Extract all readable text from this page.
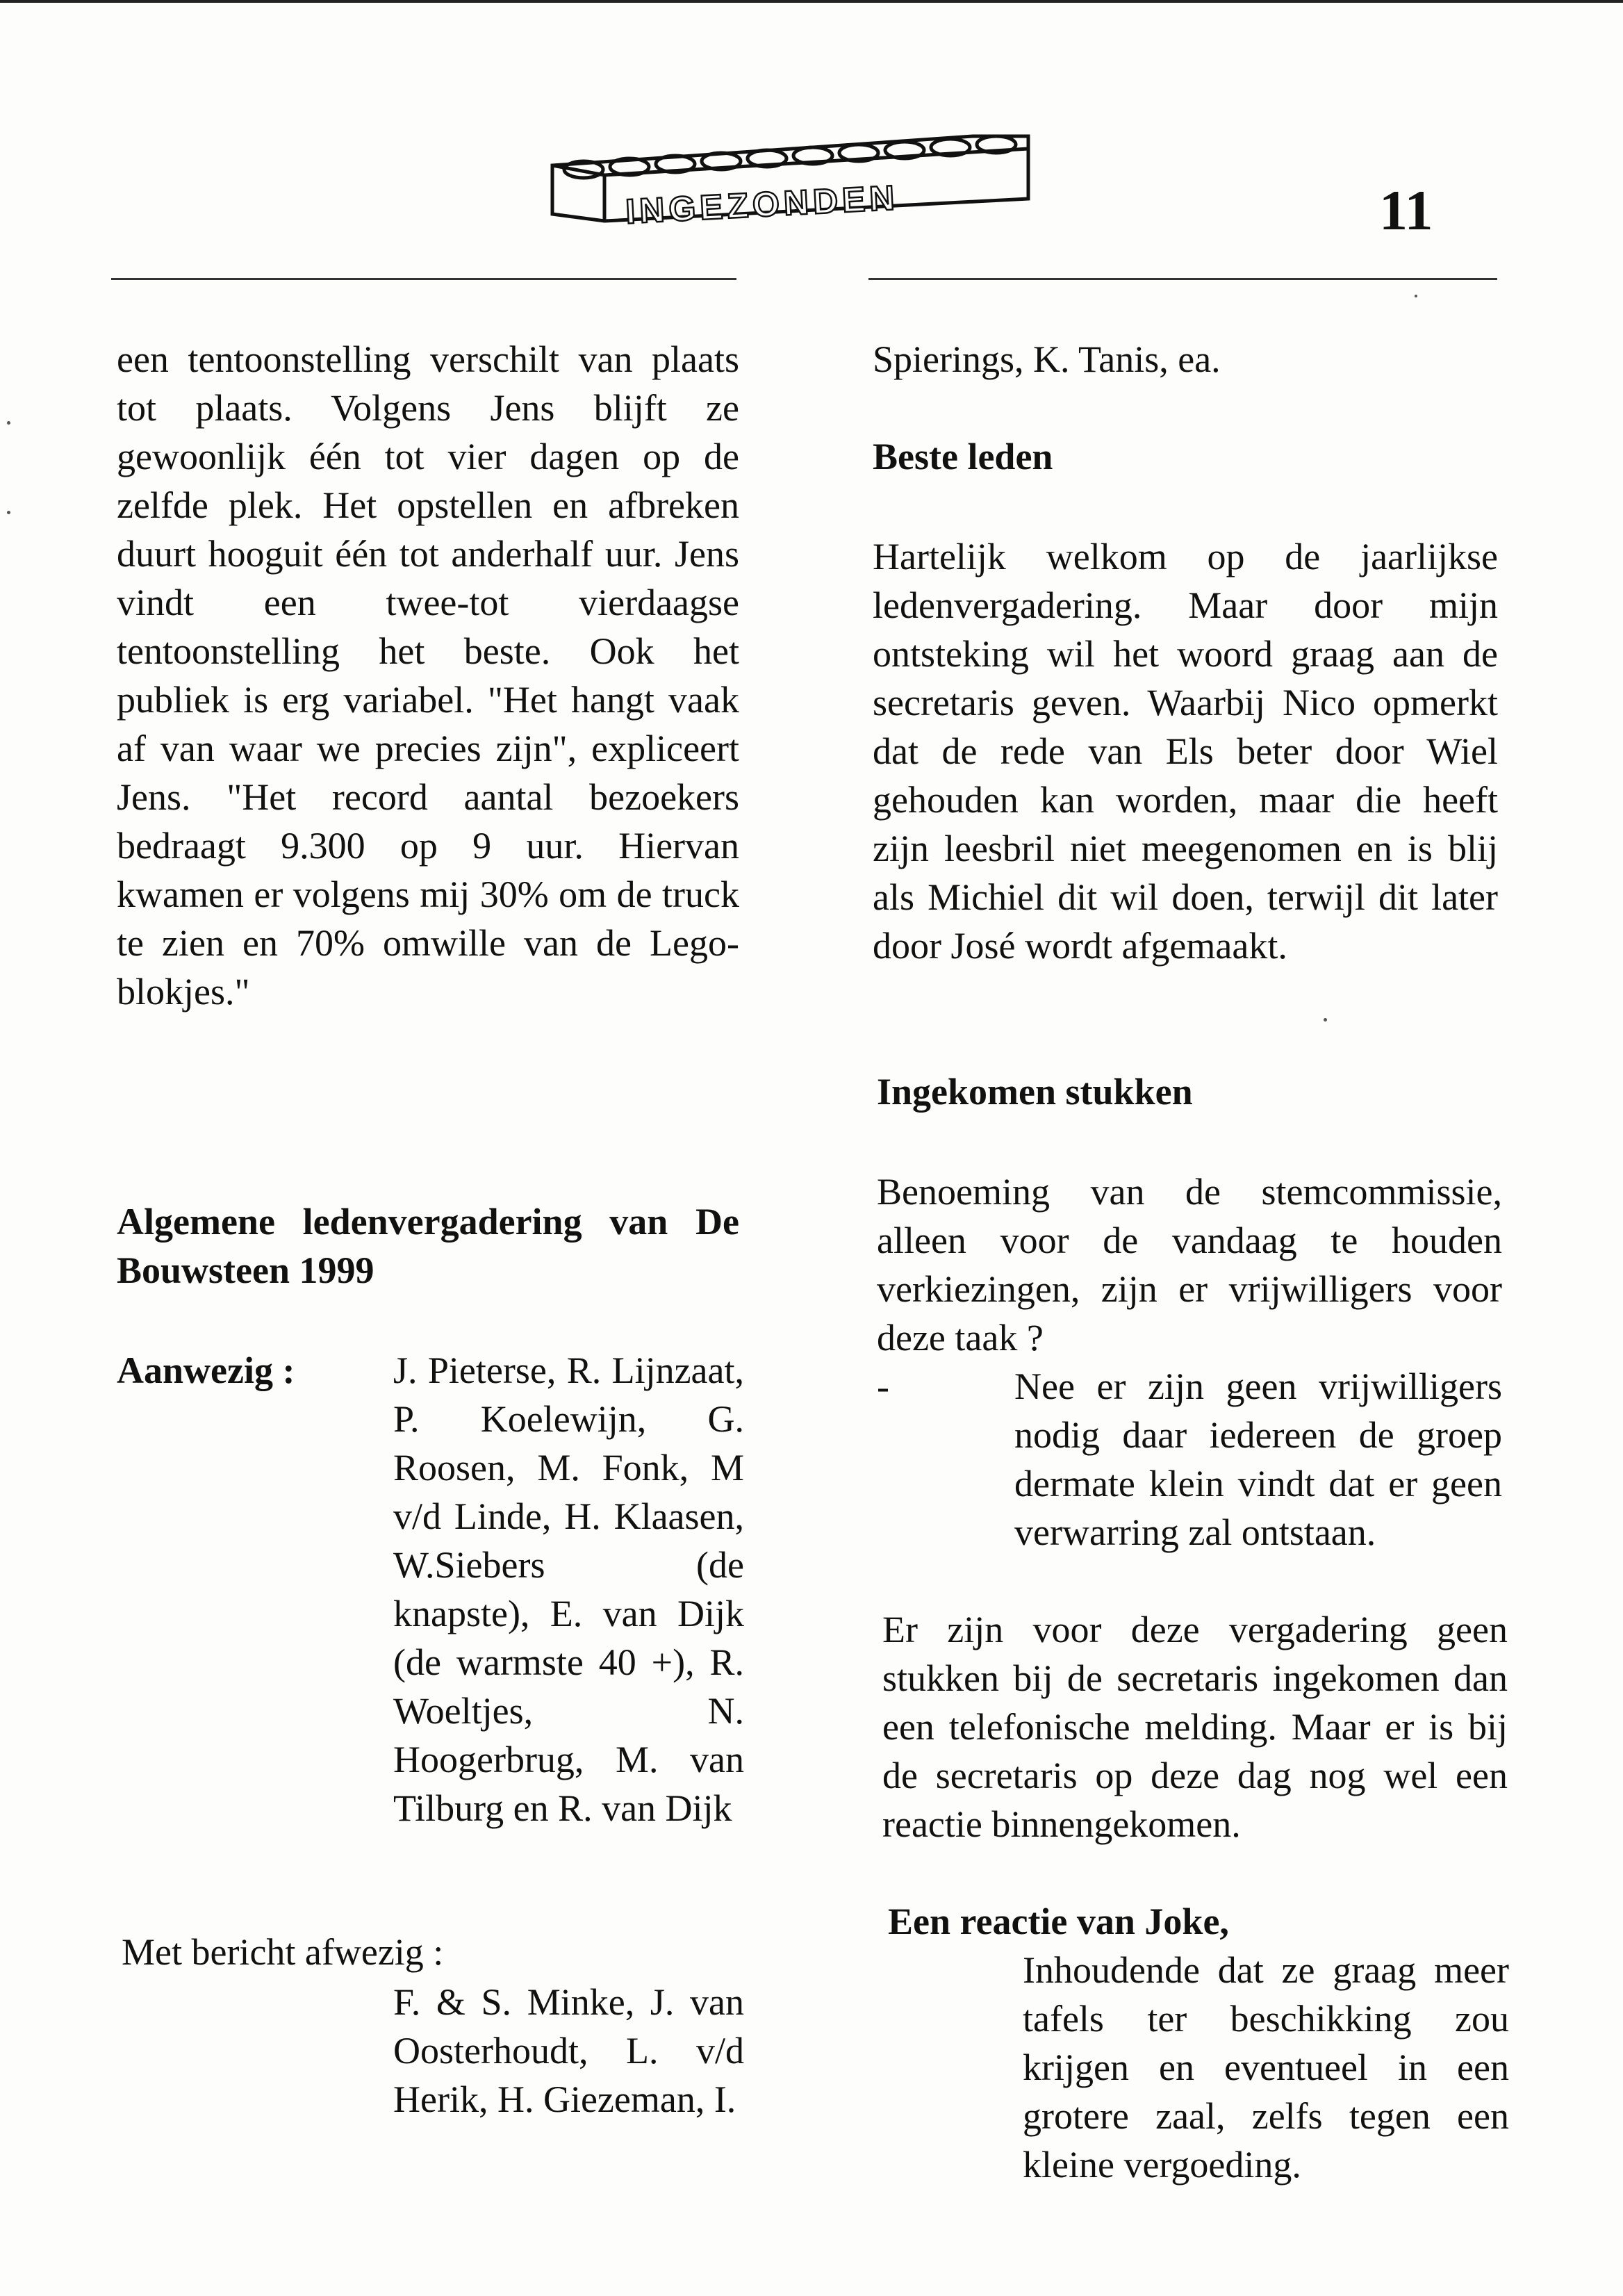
INGEZONDEN	11

een tentoonstelling verschilt van plaats tot plaats. Volgens Jens blijft ze gewoonlijk één tot vier dagen op de zelfde plek. Het opstellen en afbreken duurt hooguit één tot anderhalf uur. Jens vindt een twee-tot vierdaagse tentoonstelling het beste. Ook het publiek is erg variabel. "Het hangt vaak af van waar we precies zijn", expliceert Jens. "Het record aantal bezoekers bedraagt 9.300 op 9 uur. Hiervan kwamen er volgens mij 30% om de truck te zien en 70% omwille van de Lego-blokjes."

Algemene ledenvergadering van De Bouwsteen 1999

Aanwezig :	J. Pieterse, R. Lijnzaat, P. Koelewijn, G. Roosen, M. Fonk, M v/d Linde, H. Klaasen, W.Siebers (de knapste), E. van Dijk (de warmste 40 +), R. Woeltjes, N. Hoogerbrug, M. van Tilburg en R. van Dijk
Met bericht afwezig :
F. & S. Minke, J. van Oosterhoudt, L. v/d Herik, H. Giezeman, I.
Spierings, K. Tanis, ea.
Beste leden
Hartelijk welkom op de jaarlijkse ledenvergadering. Maar door mijn ontsteking wil het woord graag aan de secretaris geven. Waarbij Nico opmerkt dat de rede van Els beter door Wiel gehouden kan worden, maar die heeft zijn leesbril niet meegenomen en is blij als Michiel dit wil doen, terwijl dit later door José wordt afgemaakt.
Ingekomen stukken
Benoeming van de stemcommissie, alleen voor de vandaag te houden verkiezingen, zijn er vrijwilligers voor deze taak ?
-	Nee er zijn geen vrijwilligers nodig daar iedereen de groep dermate klein vindt dat er geen verwarring zal ontstaan.
Er zijn voor deze vergadering geen stukken bij de secretaris ingekomen dan een telefonische melding. Maar er is bij de secretaris op deze dag nog wel een reactie binnengekomen.
Een reactie van Joke,
Inhoudende dat ze graag meer tafels ter beschikking zou krijgen en eventueel in een grotere zaal, zelfs tegen een kleine vergoeding.
